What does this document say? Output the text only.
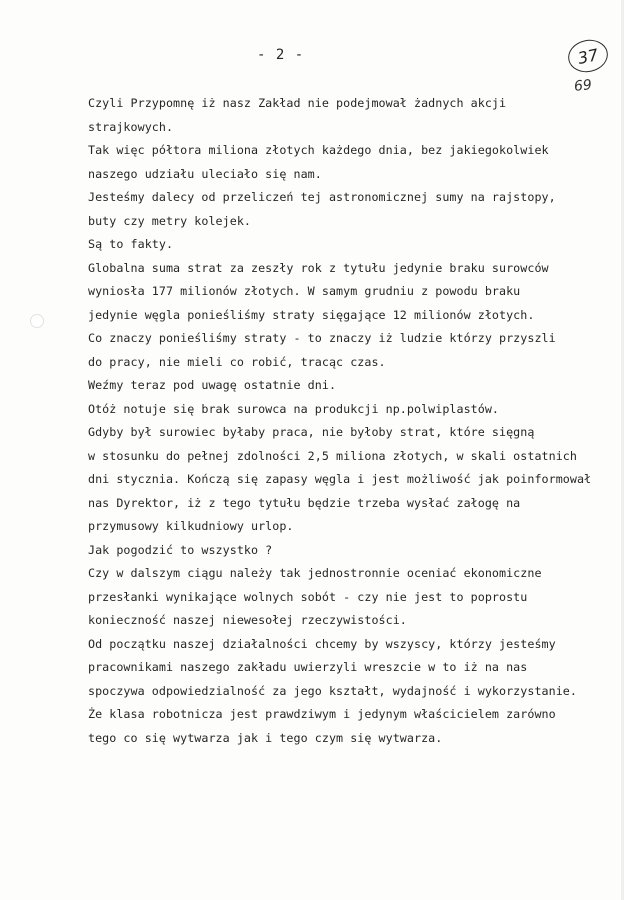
- 2 -	37
69
Czyli Przypomnę iż nasz Zakład nie podejmował żadnych akcji
strajkowych.
Tak więc półtora miliona złotych każdego dnia, bez jakiegokolwiek
naszego udziału uleciało się nam.
Jesteśmy dalecy od przeliczeń tej astronomicznej sumy na rajstopy,
buty czy metry kolejek.
Są to fakty.
Globalna suma strat za zeszły rok z tytułu jedynie braku surowców
wyniosła 177 milionów złotych. W samym grudniu z powodu braku
jedynie węgla ponieśliśmy straty sięgające 12 milionów złotych.
Co znaczy ponieśliśmy straty - to znaczy iż ludzie którzy przyszli
do pracy, nie mieli co robić, tracąc czas.
Weźmy teraz pod uwagę ostatnie dni.
Otóż notuje się brak surowca na produkcji np.polwiplastów.
Gdyby był surowiec byłaby praca, nie byłoby strat, które sięgną
w stosunku do pełnej zdolności 2,5 miliona złotych, w skali ostatnich
dni stycznia. Kończą się zapasy węgla i jest możliwość jak poinformował
nas Dyrektor, iż z tego tytułu będzie trzeba wysłać załogę na
przymusowy kilkudniowy urlop.
Jak pogodzić to wszystko ?
Czy w dalszym ciągu należy tak jednostronnie oceniać ekonomiczne
przesłanki wynikające wolnych sobót - czy nie jest to poprostu
konieczność naszej niewesołej rzeczywistości.
Od początku naszej działalności chcemy by wszyscy, którzy jesteśmy
pracownikami naszego zakładu uwierzyli wreszcie w to iż na nas
spoczywa odpowiedzialność za jego kształt, wydajność i wykorzystanie.
Że klasa robotnicza jest prawdziwym i jedynym właścicielem zarówno
tego co się wytwarza jak i tego czym się wytwarza.
